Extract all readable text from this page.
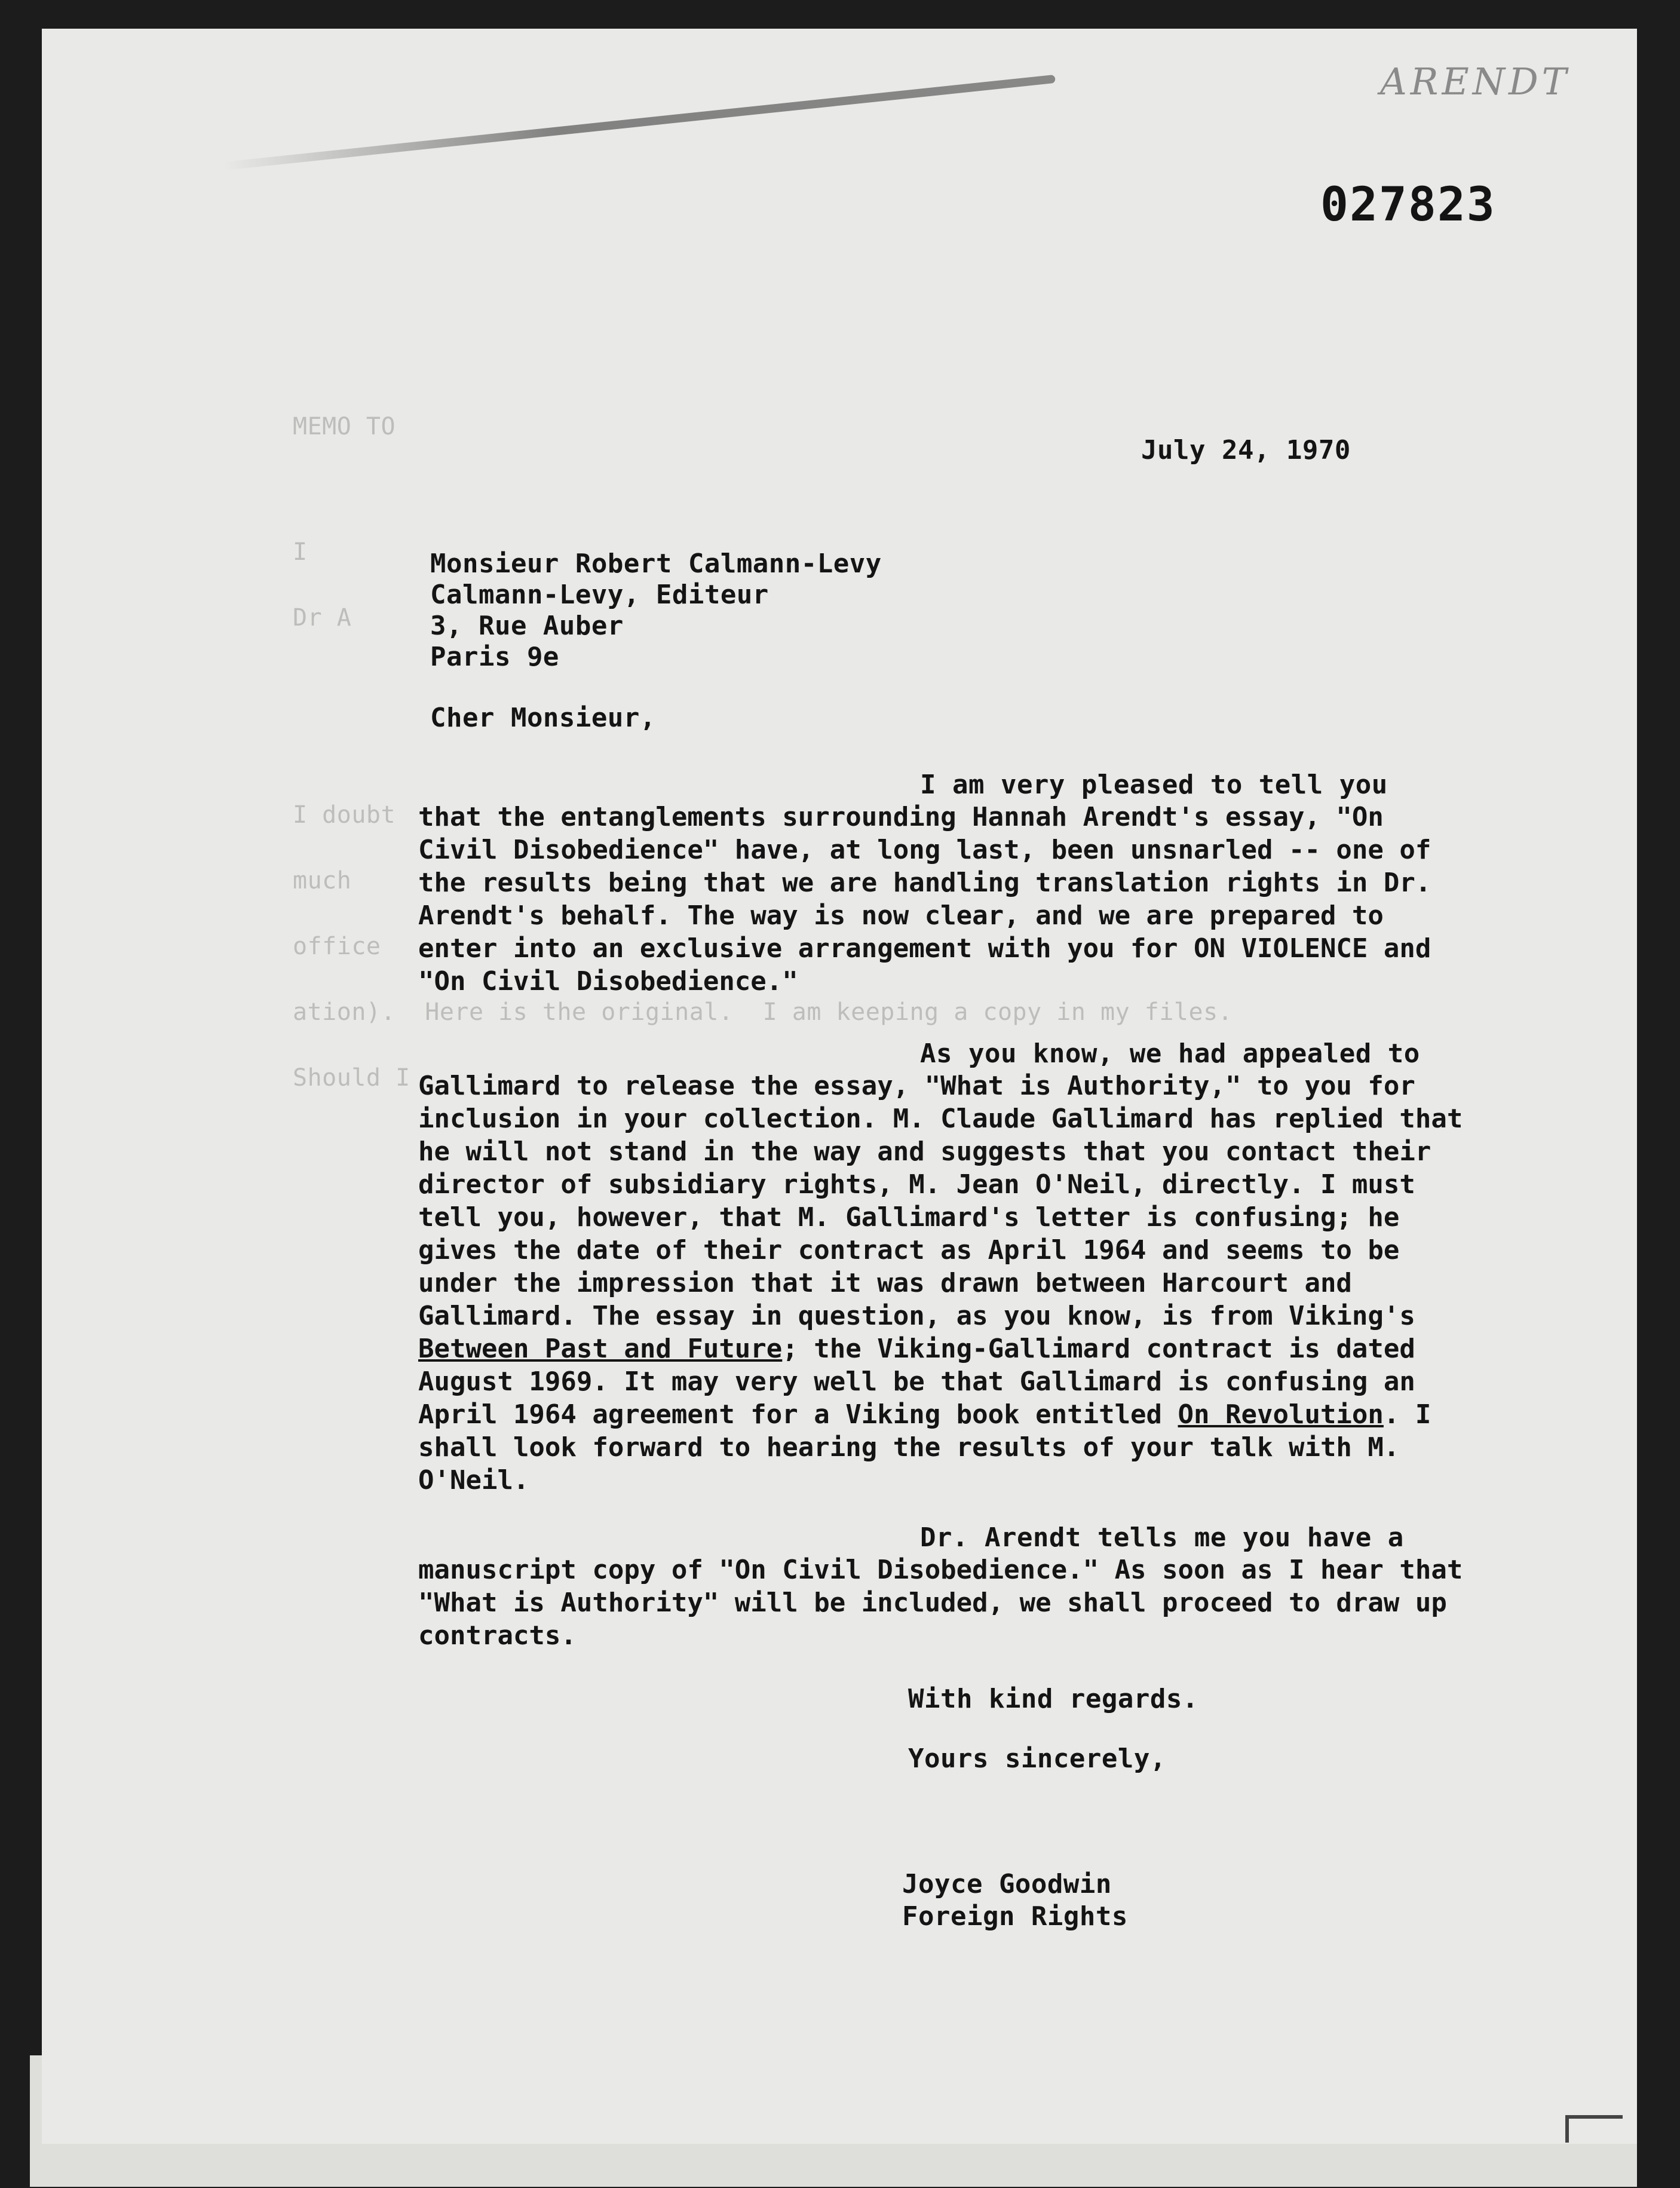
ARENDT
027823
MEMO TO
I
Dr A
I doubt
much
office
ation).  Here is the original.  I am keeping a copy in my files.
Should I
July 24, 1970
Monsieur Robert Calmann-Levy
Calmann-Levy, Editeur
3, Rue Auber
Paris 9e
Cher Monsieur,
I am very pleased to tell you
that the entanglements surrounding Hannah Arendt's essay, "On Civil Disobedience" have, at long last, been unsnarled -- one of the results being that we are handling translation rights in Dr. Arendt's behalf. The way is now clear, and we are prepared to enter into an exclusive arrangement with you for ON VIOLENCE and "On Civil Disobedience."
As you know, we had appealed to
Gallimard to release the essay, "What is Authority," to you for inclusion in your collection. M. Claude Gallimard has replied that he will not stand in the way and suggests that you contact their director of subsidiary rights, M. Jean O'Neil, directly. I must tell you, however, that M. Gallimard's letter is confusing; he gives the date of their contract as April 1964 and seems to be under the impression that it was drawn between Harcourt and Gallimard. The essay in question, as you know, is from Viking's Between Past and Future; the Viking-Gallimard contract is dated August 1969. It may very well be that Gallimard is confusing an April 1964 agreement for a Viking book entitled On Revolution. I shall look forward to hearing the results of your talk with M. O'Neil.
Dr. Arendt tells me you have a
manuscript copy of "On Civil Disobedience." As soon as I hear that "What is Authority" will be included, we shall proceed to draw up contracts.
With kind regards.
Yours sincerely,
Joyce Goodwin
Foreign Rights
